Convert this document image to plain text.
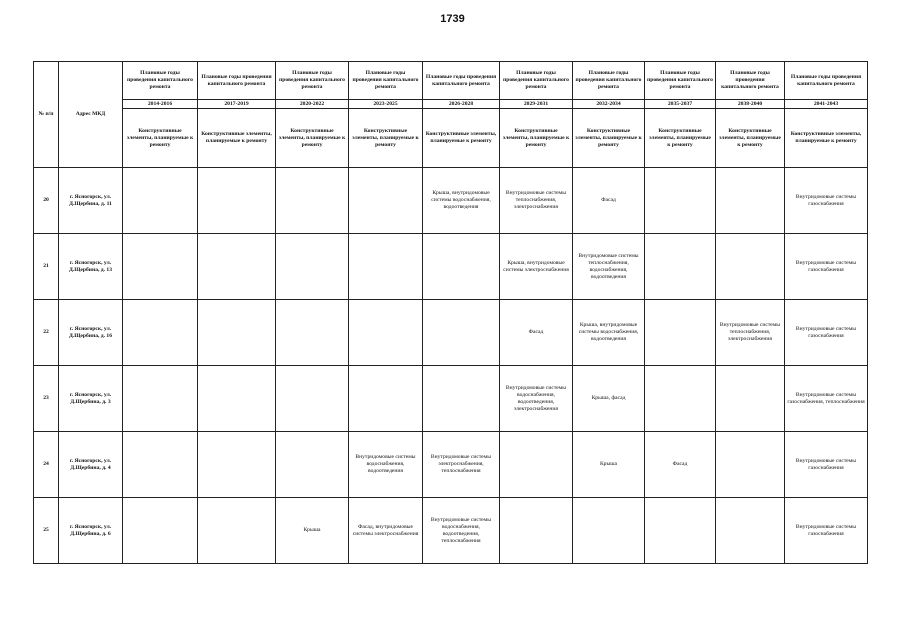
1739
№ п/п	Адрес МКД	Плановые годы проведения капитального ремонта	Плановые годы проведения капитального ремонта	Плановые годы проведения капитального ремонта	Плановые годы проведения капитального ремонта	Плановые годы проведения капитального ремонта	Плановые годы проведения капитального ремонта	Плановые годы проведения капитального ремонта	Плановые годы проведения капитального ремонта	Плановые годы проведения капитального ремонта	Плановые годы проведения капитального ремонта
		2014-2016	2017-2019	2020-2022	2023-2025	2026-2028	2029-2031	2032-2034	2035-2037	2038-2040	2041-2043
		Конструктивные элементы, планируемые к ремонту	Конструктивные элементы, планируемые к ремонту	Конструктивные элементы, планируемые к ремонту	Конструктивные элементы, планируемые к ремонту	Конструктивные элементы, планируемые к ремонту	Конструктивные элементы, планируемые к ремонту	Конструктивные элементы, планируемые к ремонту	Конструктивные элементы, планируемые к ремонту	Конструктивные элементы, планируемые к ремонту	Конструктивные элементы, планируемые к ремонту
20	г. Ясногорск, ул. Д.Щербина, д. 11					Крыша, внутридомовые системы водоснабжения, водоотведения	Внутридомовые системы теплоснабжения, электроснабжения	Фасад			Внутридомовые системы газоснабжения
21	г. Ясногорск, ул. Д.Щербина, д. 13						Крыша, внутридомовые системы электроснабжения	Внутридомовые системы теплоснабжения, водоснабжения, водоотведения			Внутридомовые системы газоснабжения
22	г. Ясногорск, ул. Д.Щербина, д. 16						Фасад	Крыша, внутридомовые системы водоснабжения, водоотведения		Внутридомовые системы теплоснабжения, электроснабжения	Внутридомовые системы газоснабжения
23	г. Ясногорск, ул. Д.Щербина, д. 3						Внутридомовые системы водоснабжения, водоотведения, электроснабжения	Крыша, фасад			Внутридомовые системы газоснабжения, теплоснабжения
24	г. Ясногорск, ул. Д.Щербина, д. 4				Внутридомовые системы водоснабжения, водоотведения	Внутридомовые системы электроснабжения, теплоснабжения		Крыша	Фасад		Внутридомовые системы газоснабжения
25	г. Ясногорск, ул. Д.Щербина, д. 6			Крыша	Фасад, внутридомовые системы электроснабжения	Внутридомовые системы водоснабжения, водоотведения, теплоснабжения					Внутридомовые системы газоснабжения
